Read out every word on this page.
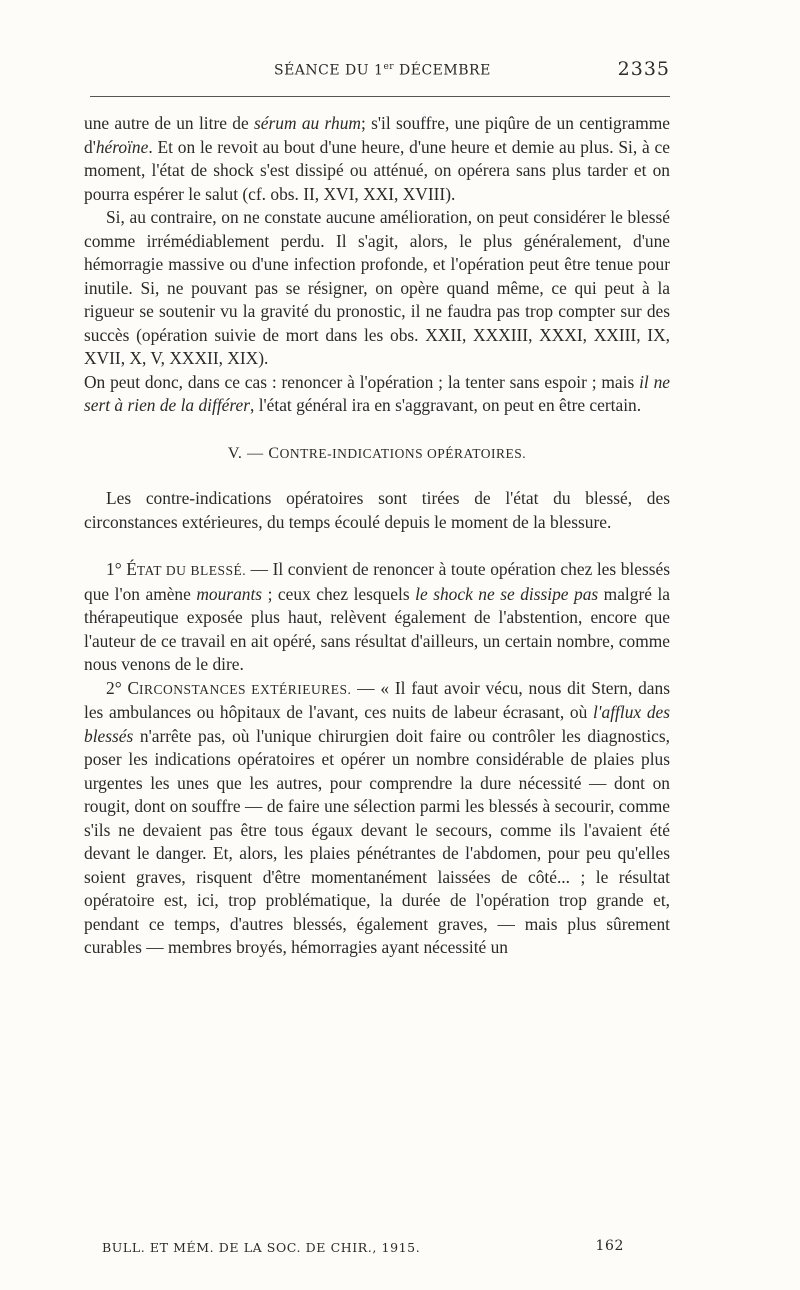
SÉANCE DU 1er DÉCEMBRE	2335

une autre de un litre de sérum au rhum; s'il souffre, une piqûre de un centigramme d'héroïne. Et on le revoit au bout d'une heure, d'une heure et demie au plus. Si, à ce moment, l'état de shock s'est dissipé ou atténué, on opérera sans plus tarder et on pourra espérer le salut (cf. obs. II, XVI, XXI, XVIII).

Si, au contraire, on ne constate aucune amélioration, on peut considérer le blessé comme irrémédiablement perdu. Il s'agit, alors, le plus généralement, d'une hémorragie massive ou d'une infection profonde, et l'opération peut être tenue pour inutile. Si, ne pouvant pas se résigner, on opère quand même, ce qui peut à la rigueur se soutenir vu la gravité du pronostic, il ne faudra pas trop compter sur des succès (opération suivie de mort dans les obs. XXII, XXXIII, XXXI, XXIII, IX, XVII, X, V, XXXII, XIX).

On peut donc, dans ce cas : renoncer à l'opération ; la tenter sans espoir ; mais il ne sert à rien de la différer, l'état général ira en s'aggravant, on peut en être certain.

V. — CONTRE-INDICATIONS OPÉRATOIRES.

Les contre-indications opératoires sont tirées de l'état du blessé, des circonstances extérieures, du temps écoulé depuis le moment de la blessure.

1° ÉTAT DU BLESSÉ. — Il convient de renoncer à toute opération chez les blessés que l'on amène mourants ; ceux chez lesquels le shock ne se dissipe pas malgré la thérapeutique exposée plus haut, relèvent également de l'abstention, encore que l'auteur de ce travail en ait opéré, sans résultat d'ailleurs, un certain nombre, comme nous venons de le dire.

2° CIRCONSTANCES EXTÉRIEURES. — « Il faut avoir vécu, nous dit Stern, dans les ambulances ou hôpitaux de l'avant, ces nuits de labeur écrasant, où l'afflux des blessés n'arrête pas, où l'unique chirurgien doit faire ou contrôler les diagnostics, poser les indications opératoires et opérer un nombre considérable de plaies plus urgentes les unes que les autres, pour comprendre la dure nécessité — dont on rougit, dont on souffre — de faire une sélection parmi les blessés à secourir, comme s'ils ne devaient pas être tous égaux devant le secours, comme ils l'avaient été devant le danger. Et, alors, les plaies pénétrantes de l'abdomen, pour peu qu'elles soient graves, risquent d'être momentanément laissées de côté... ; le résultat opératoire est, ici, trop problématique, la durée de l'opération trop grande et, pendant ce temps, d'autres blessés, également graves, — mais plus sûrement curables — membres broyés, hémorragies ayant nécessité un

BULL. ET MÉM. DE LA SOC. DE CHIR., 1915.	162
